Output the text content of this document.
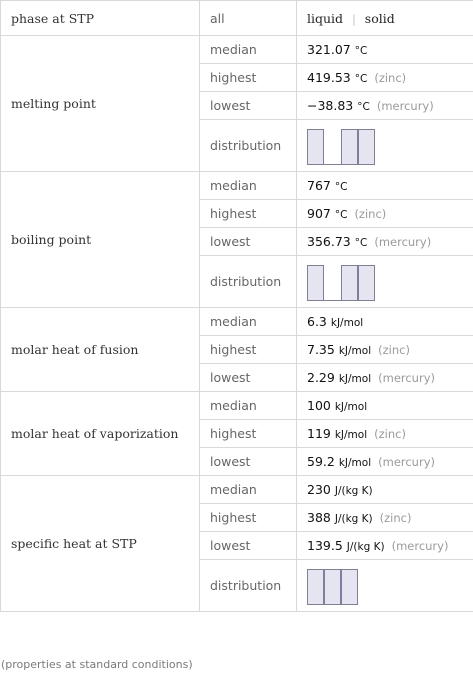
phase at STP	all	liquid | solid
melting point	median	321.07 °C
	highest	419.53 °C (zinc)
	lowest	−38.83 °C (mercury)
	distribution	

boiling point	median	767 °C
	highest	907 °C (zinc)
	lowest	356.73 °C (mercury)
	distribution	

molar heat of fusion	median	6.3 kJ/mol
	highest	7.35 kJ/mol (zinc)
	lowest	2.29 kJ/mol (mercury)
molar heat of vaporization	median	100 kJ/mol
	highest	119 kJ/mol (zinc)
	lowest	59.2 kJ/mol (mercury)
specific heat at STP	median	230 J/(kg K)
	highest	388 J/(kg K) (zinc)
	lowest	139.5 J/(kg K) (mercury)
	distribution	
(properties at standard conditions)
